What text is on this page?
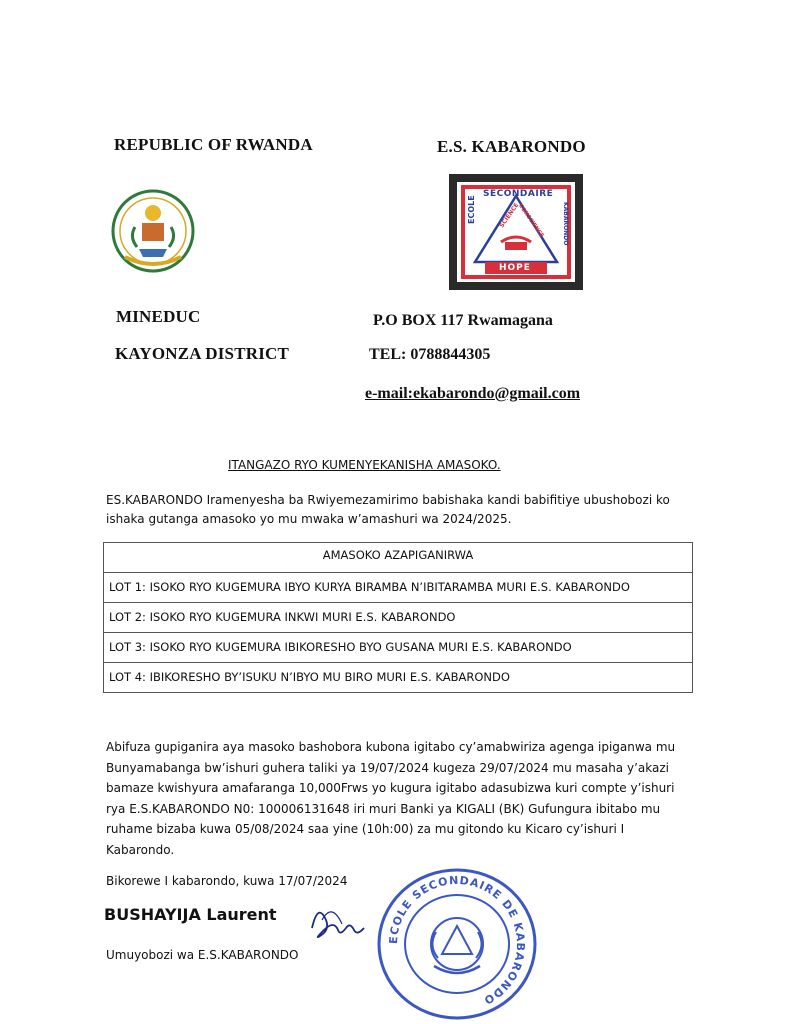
REPUBLIC OF RWANDA
MINEDUC
KAYONZA DISTRICT
E.S. KABARONDO
SECONDAIRE
ECOLE	KABARONDO
SCIENCE
CONSCIENCE
HOPE
P.O BOX 117 Rwamagana
TEL: 0788844305
e-mail:ekabarondo@gmail.com
ITANGAZO RYO KUMENYEKANISHA AMASOKO.
ES.KABARONDO Iramenyesha ba Rwiyemezamirimo babishaka kandi babifitiye ubushobozi ko ishaka gutanga amasoko yo mu mwaka w’amashuri wa 2024/2025.
AMASOKO AZAPIGANIRWA
LOT 1: ISOKO RYO KUGEMURA IBYO KURYA BIRAMBA N’IBITARAMBA MURI E.S. KABARONDO
LOT 2: ISOKO RYO KUGEMURA INKWI MURI E.S. KABARONDO
LOT 3: ISOKO RYO KUGEMURA IBIKORESHO BYO GUSANA MURI E.S. KABARONDO
LOT 4: IBIKORESHO BY’ISUKU N’IBYO MU BIRO MURI E.S. KABARONDO
Abifuza gupiganira aya masoko bashobora kubona igitabo cy’amabwiriza agenga ipiganwa mu Bunyamabanga bw’ishuri guhera taliki ya 19/07/2024 kugeza 29/07/2024 mu masaha y’akazi bamaze kwishyura amafaranga 10,000Frws yo kugura igitabo adasubizwa kuri compte y’ishuri rya E.S.KABARONDO N0: 100006131648 iri muri Banki ya KIGALI (BK) Gufungura ibitabo mu ruhame bizaba kuwa 05/08/2024 saa yine (10h:00) za mu gitondo ku Kicaro cy’ishuri I Kabarondo.
Bikorewe I kabarondo, kuwa 17/07/2024
BUSHAYIJA Laurent
Umuyobozi wa E.S.KABARONDO
ECOLE SECONDAIRE DE KABARONDO
